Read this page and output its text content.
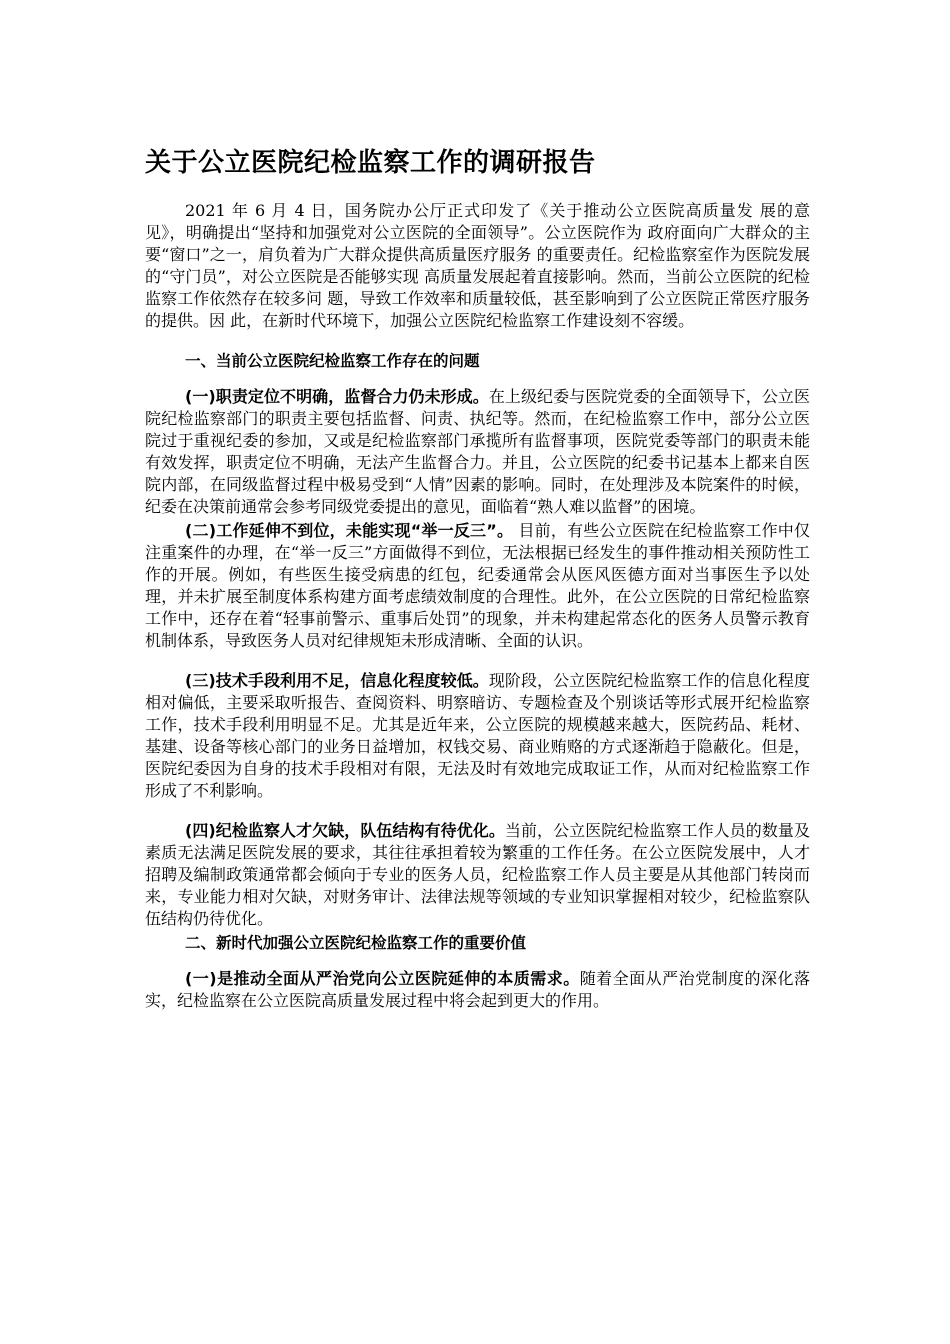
关于公立医院纪检监察工作的调研报告

2021 年 6 月 4 日，国务院办公厅正式印发了《关于推动公立医院高质量发 展的意见》，明确提出“坚持和加强党对公立医院的全面领导”。公立医院作为 政府面向广大群众的主要“窗口”之一，肩负着为广大群众提供高质量医疗服务 的重要责任。纪检监察室作为医院发展的“守门员”，对公立医院是否能够实现 高质量发展起着直接影响。然而，当前公立医院的纪检监察工作依然存在较多问 题，导致工作效率和质量较低，甚至影响到了公立医院正常医疗服务的提供。因 此，在新时代环境下，加强公立医院纪检监察工作建设刻不容缓。

一、当前公立医院纪检监察工作存在的问题

(一)职责定位不明确，监督合力仍未形成。在上级纪委与医院党委的全面领导下，公立医院纪检监察部门的职责主要包括监督、问责、执纪等。然而，在纪检监察工作中，部分公立医院过于重视纪委的参加，又或是纪检监察部门承揽所有监督事项，医院党委等部门的职责未能有效发挥，职责定位不明确，无法产生监督合力。并且，公立医院的纪委书记基本上都来自医院内部，在同级监督过程中极易受到“人情”因素的影响。同时，在处理涉及本院案件的时候，纪委在决策前通常会参考同级党委提出的意见，面临着“熟人难以监督”的困境。

(二)工作延伸不到位，未能实现“举一反三”。 目前，有些公立医院在纪检监察工作中仅注重案件的办理，在“举一反三”方面做得不到位，无法根据已经发生的事件推动相关预防性工作的开展。例如，有些医生接受病患的红包，纪委通常会从医风医德方面对当事医生予以处理，并未扩展至制度体系构建方面考虑绩效制度的合理性。此外，在公立医院的日常纪检监察工作中，还存在着“轻事前警示、重事后处罚”的现象，并未构建起常态化的医务人员警示教育机制体系，导致医务人员对纪律规矩未形成清晰、全面的认识。

(三)技术手段利用不足，信息化程度较低。现阶段，公立医院纪检监察工作的信息化程度相对偏低，主要采取听报告、查阅资料、明察暗访、专题检查及个别谈话等形式展开纪检监察工作，技术手段利用明显不足。尤其是近年来，公立医院的规模越来越大，医院药品、耗材、基建、设备等核心部门的业务日益增加，权钱交易、商业贿赂的方式逐渐趋于隐蔽化。但是，医院纪委因为自身的技术手段相对有限，无法及时有效地完成取证工作，从而对纪检监察工作形成了不利影响。

(四)纪检监察人才欠缺，队伍结构有待优化。当前，公立医院纪检监察工作人员的数量及素质无法满足医院发展的要求，其往往承担着较为繁重的工作任务。在公立医院发展中，人才招聘及编制政策通常都会倾向于专业的医务人员，纪检监察工作人员主要是从其他部门转岗而来，专业能力相对欠缺，对财务审计、法律法规等领域的专业知识掌握相对较少，纪检监察队伍结构仍待优化。

二、新时代加强公立医院纪检监察工作的重要价值

(一)是推动全面从严治党向公立医院延伸的本质需求。随着全面从严治党制度的深化落实，纪检监察在公立医院高质量发展过程中将会起到更大的作用。
